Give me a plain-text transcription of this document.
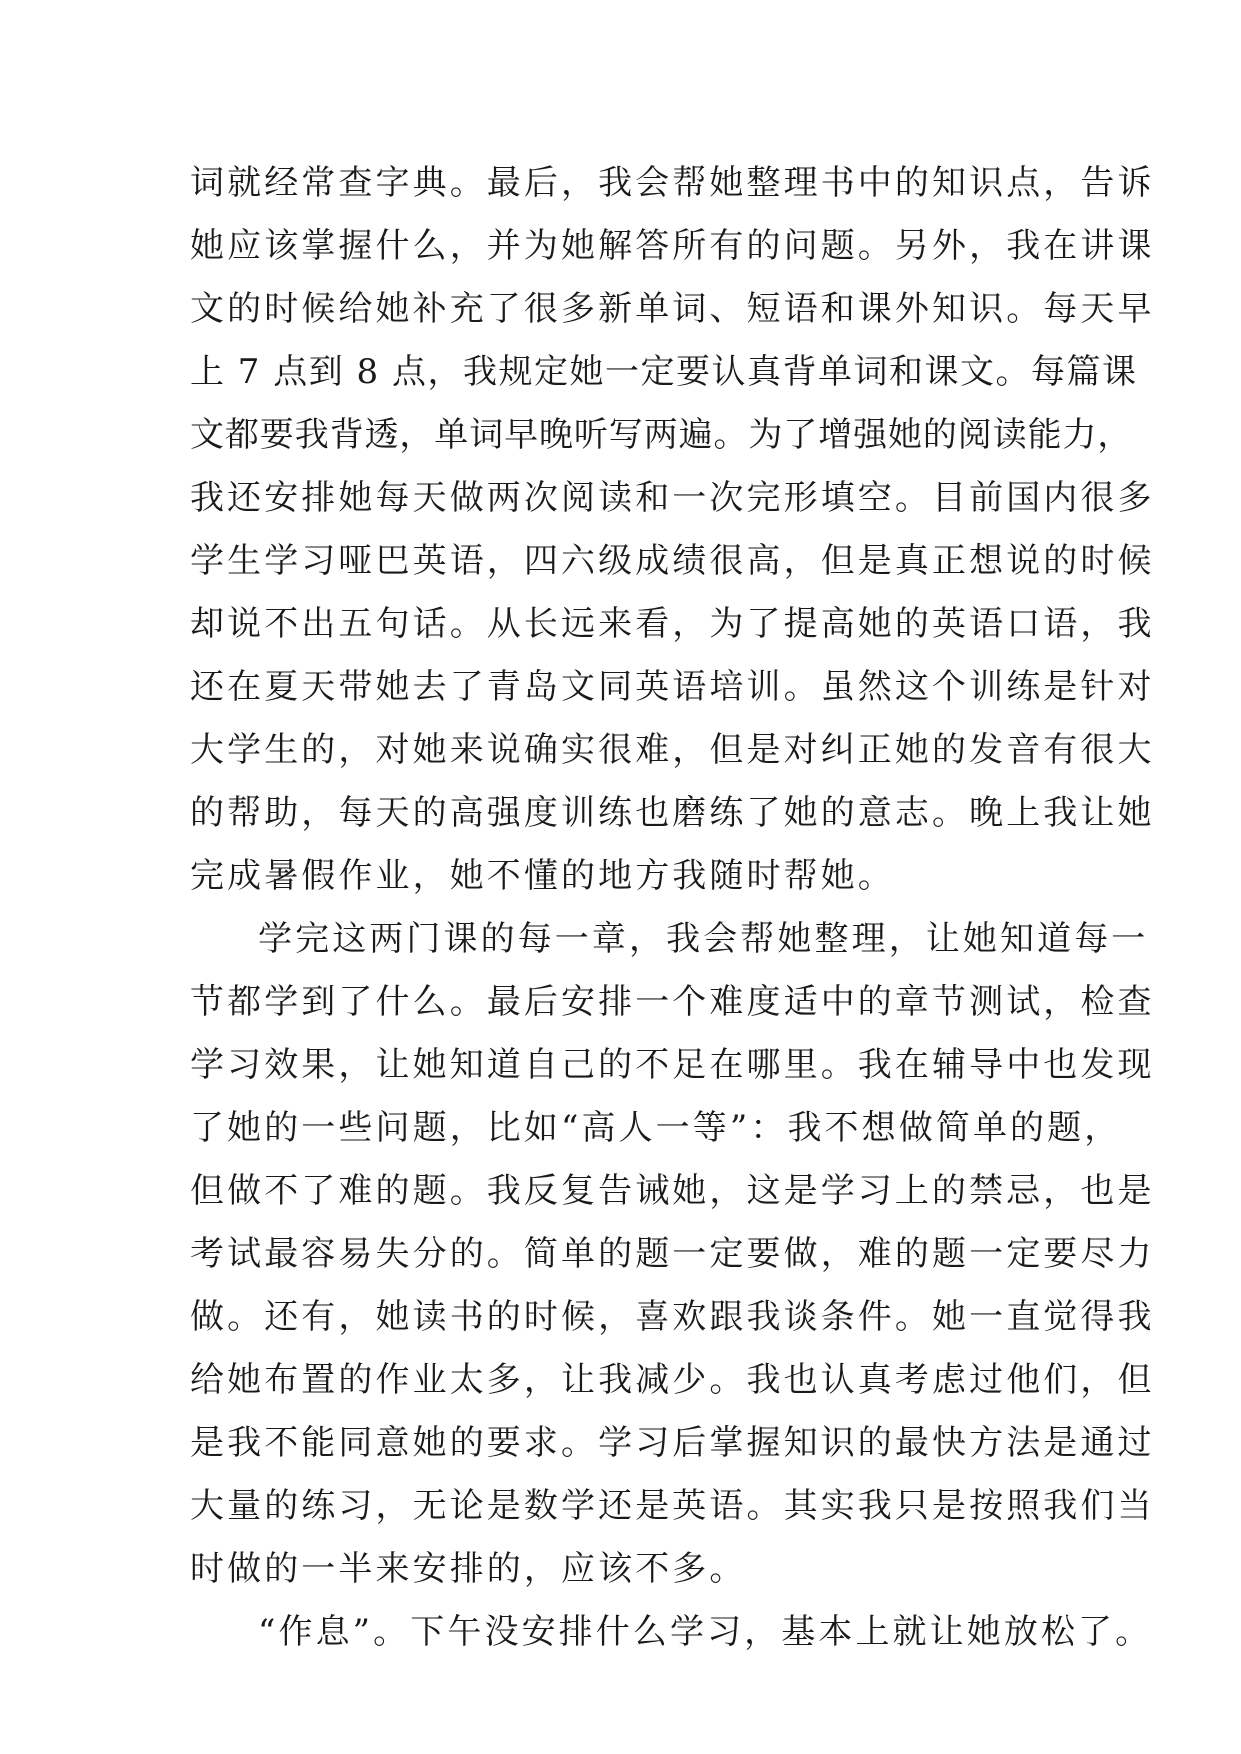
词就经常查字典。最后，我会帮她整理书中的知识点，告诉
她应该掌握什么，并为她解答所有的问题。另外，我在讲课
文的时候给她补充了很多新单词、短语和课外知识。每天早
上 7 点到 8 点，我规定她一定要认真背单词和课文。每篇课
文都要我背透，单词早晚听写两遍。为了增强她的阅读能力，
我还安排她每天做两次阅读和一次完形填空。目前国内很多
学生学习哑巴英语，四六级成绩很高，但是真正想说的时候
却说不出五句话。从长远来看，为了提高她的英语口语，我
还在夏天带她去了青岛文同英语培训。虽然这个训练是针对
大学生的，对她来说确实很难，但是对纠正她的发音有很大
的帮助，每天的高强度训练也磨练了她的意志。晚上我让她
完成暑假作业，她不懂的地方我随时帮她。
学完这两门课的每一章，我会帮她整理，让她知道每一
节都学到了什么。最后安排一个难度适中的章节测试，检查
学习效果，让她知道自己的不足在哪里。我在辅导中也发现
了她的一些问题，比如“高人一等”：我不想做简单的题，
但做不了难的题。我反复告诫她，这是学习上的禁忌，也是
考试最容易失分的。简单的题一定要做，难的题一定要尽力
做。还有，她读书的时候，喜欢跟我谈条件。她一直觉得我
给她布置的作业太多，让我减少。我也认真考虑过他们，但
是我不能同意她的要求。学习后掌握知识的最快方法是通过
大量的练习，无论是数学还是英语。其实我只是按照我们当
时做的一半来安排的，应该不多。
“作息”。下午没安排什么学习，基本上就让她放松了。
